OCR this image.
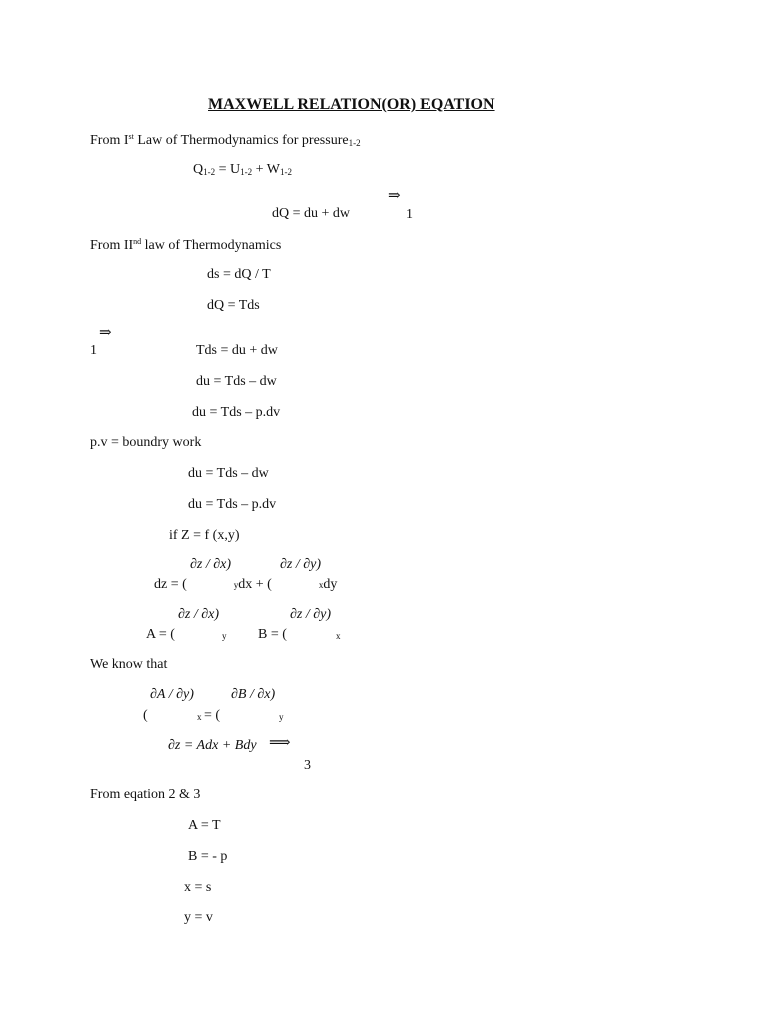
MAXWELL RELATION(OR) EQATION
From Ist Law of Thermodynamics for pressure$_{1-2}$
$Q_{1-2} = U_{1-2} + W_{1-2}$
⇒
dQ = du + dw	1
From IInd law of Thermodynamics
ds = dQ / T
dQ = Tds
⇒
1	Tds = du + dw
du = Tds – dw
du = Tds – p.dv
p.v = boundry work
du = Tds – dw
du = Tds – p.dv
if Z = f (x,y)
∂z / ∂x)	∂z / ∂y)
dz = (	ydx + (	xdy
∂z / ∂x)	∂z / ∂y)
A = (	y B = (	x
We know that
∂A / ∂y)	∂B / ∂x)
(	x = (	y
∂z = Adx + Bdy ⟹
3
From eqation 2 & 3
A = T
B = - p
x = s
y = v
